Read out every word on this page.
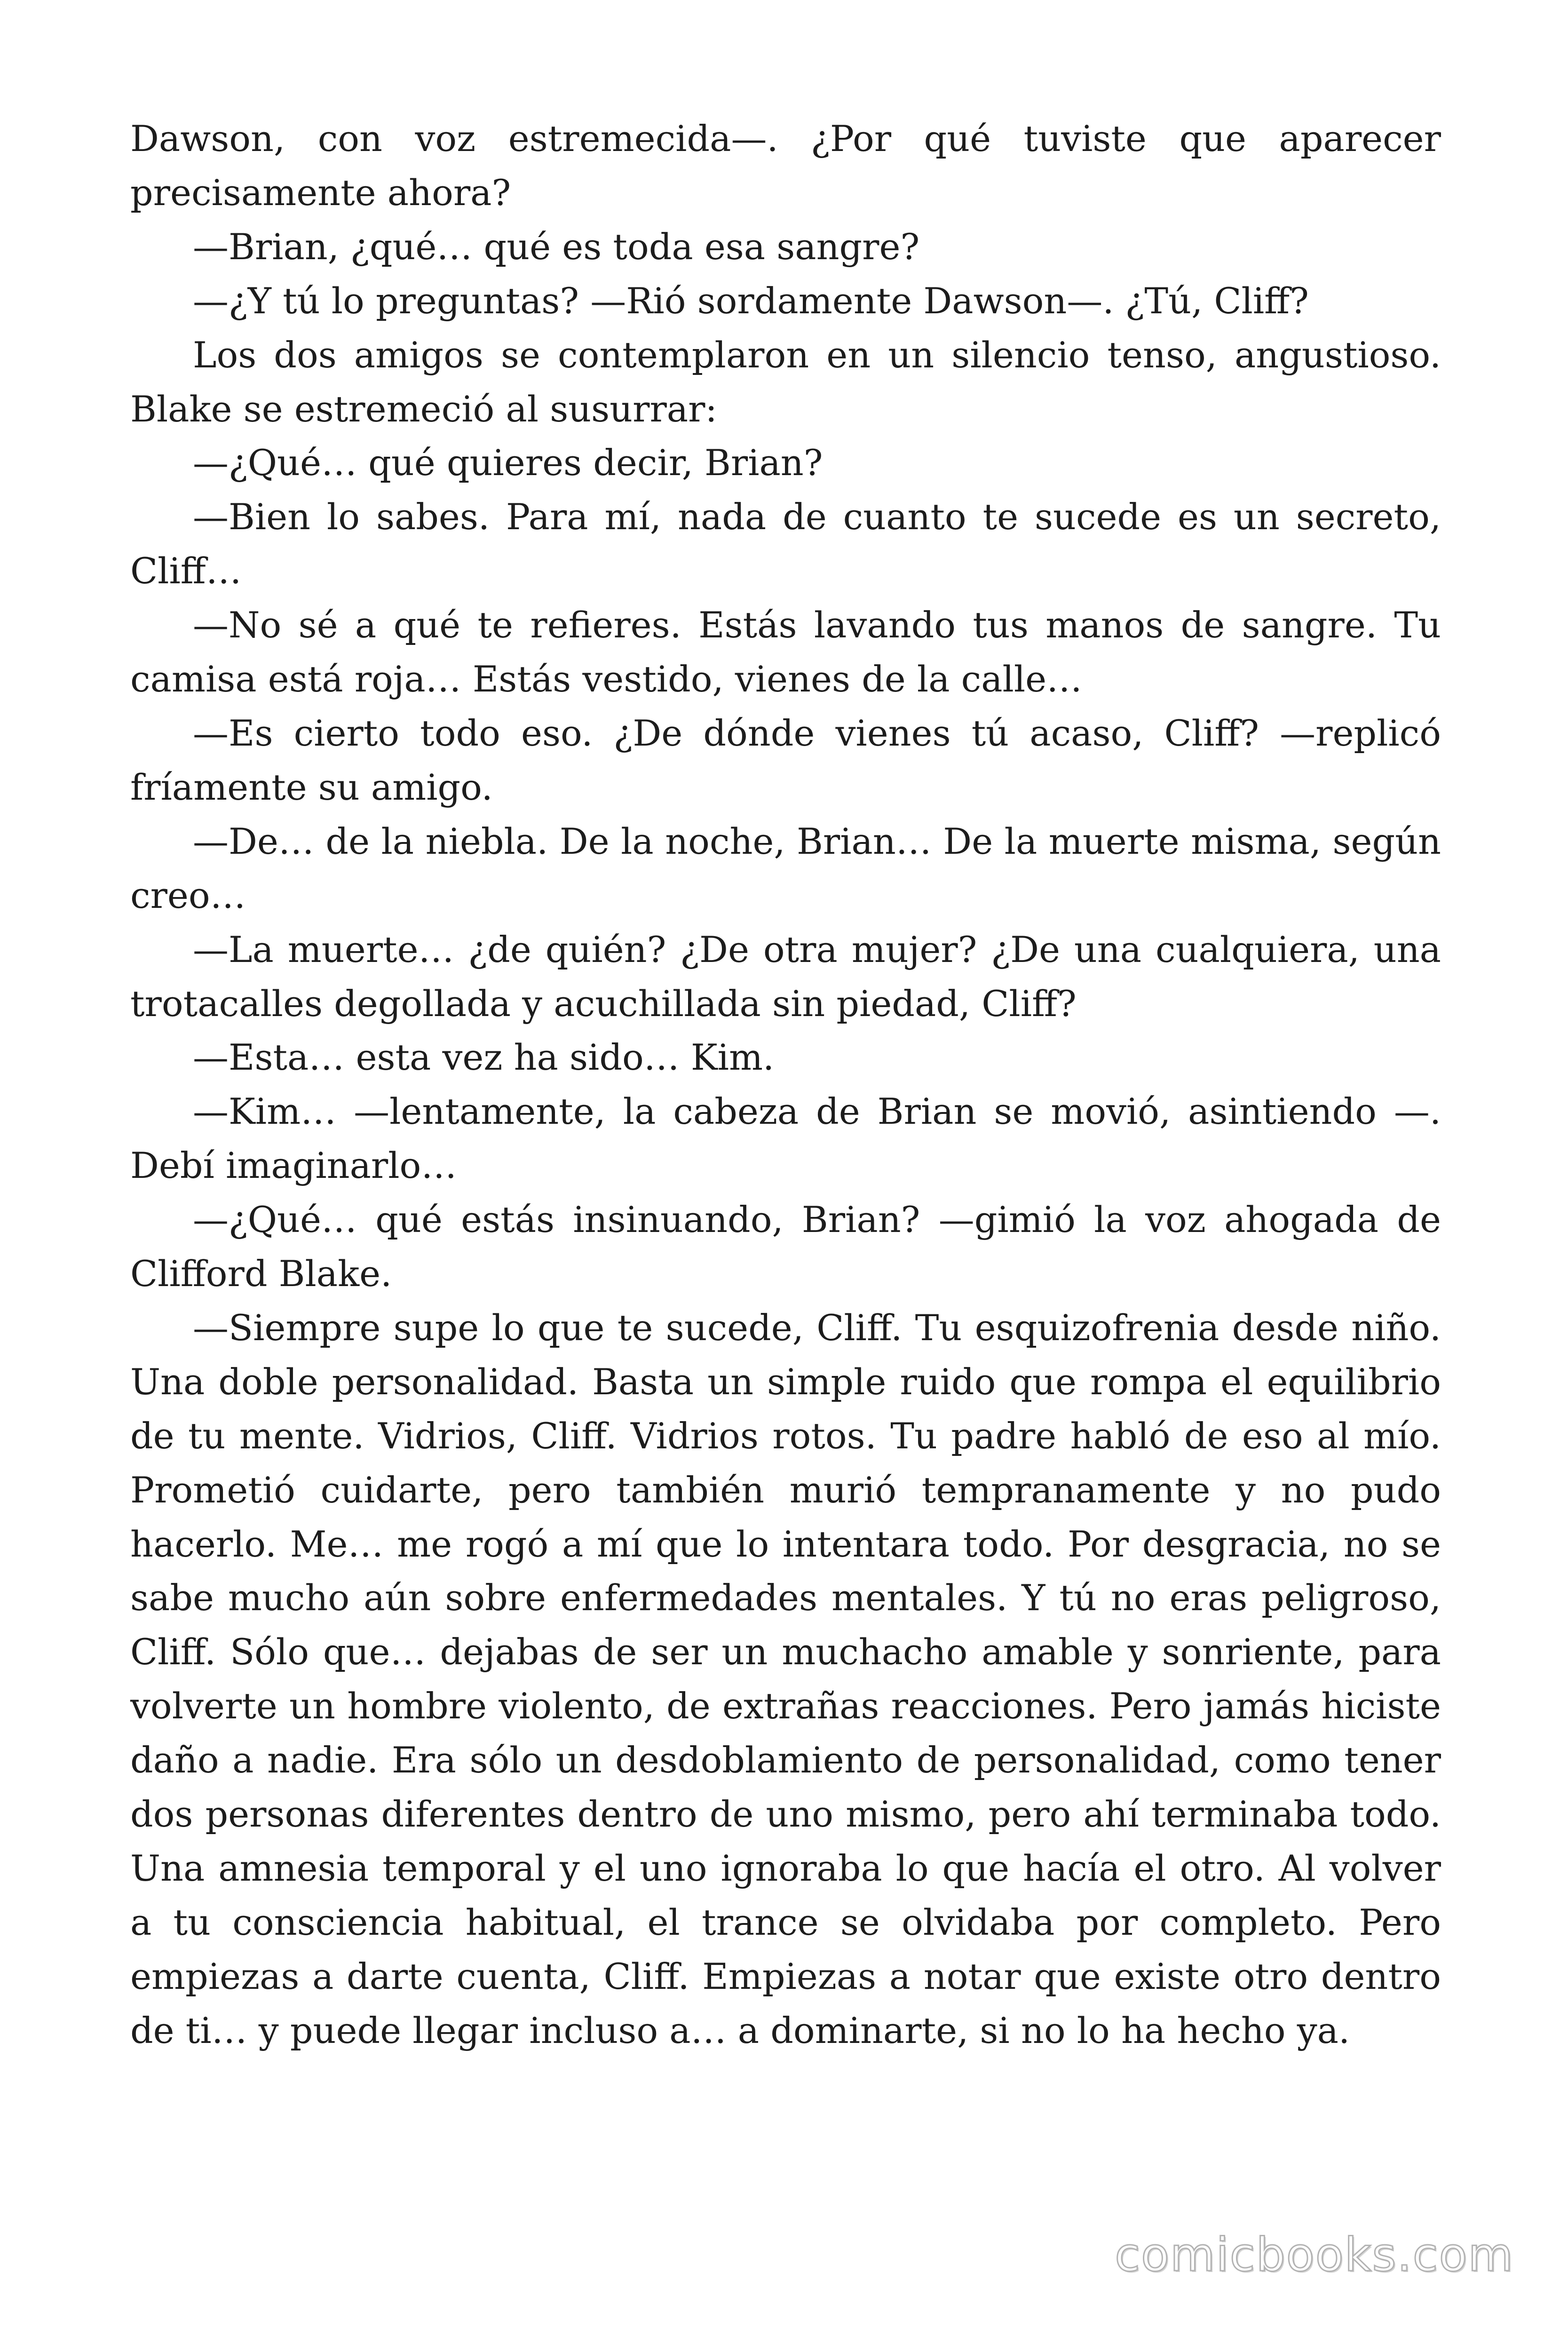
Dawson, con voz estremecida—. ¿Por qué tuviste que aparecer precisamente ahora?

—Brian, ¿qué… qué es toda esa sangre?

—¿Y tú lo preguntas? —Rió sordamente Dawson—. ¿Tú, Cliff?

Los dos amigos se contemplaron en un silencio tenso, angustioso. Blake se estremeció al susurrar:

—¿Qué… qué quieres decir, Brian?

—Bien lo sabes. Para mí, nada de cuanto te sucede es un secreto, Cliff…

—No sé a qué te refieres. Estás lavando tus manos de sangre. Tu camisa está roja… Estás vestido, vienes de la calle…

—Es cierto todo eso. ¿De dónde vienes tú acaso, Cliff? —replicó fríamente su amigo.

—De… de la niebla. De la noche, Brian… De la muerte misma, según creo…

—La muerte… ¿de quién? ¿De otra mujer? ¿De una cualquiera, una trotacalles degollada y acuchillada sin piedad, Cliff?

—Esta… esta vez ha sido… Kim.

—Kim… —lentamente, la cabeza de Brian se movió, asintiendo —. Debí imaginarlo…

—¿Qué… qué estás insinuando, Brian? —gimió la voz ahogada de Clifford Blake.

—Siempre supe lo que te sucede, Cliff. Tu esquizofrenia desde niño. Una doble personalidad. Basta un simple ruido que rompa el equilibrio de tu mente. Vidrios, Cliff. Vidrios rotos. Tu padre habló de eso al mío. Prometió cuidarte, pero también murió tempranamente y no pudo hacerlo. Me… me rogó a mí que lo intentara todo. Por desgracia, no se sabe mucho aún sobre enfermedades mentales. Y tú no eras peligroso, Cliff. Sólo que… dejabas de ser un muchacho amable y sonriente, para volverte un hombre violento, de extrañas reacciones. Pero jamás hiciste daño a nadie. Era sólo un desdoblamiento de personalidad, como tener dos personas diferentes dentro de uno mismo, pero ahí terminaba todo. Una amnesia temporal y el uno ignoraba lo que hacía el otro. Al volver a tu consciencia habitual, el trance se olvidaba por completo. Pero empiezas a darte cuenta, Cliff. Empiezas a notar que existe otro dentro de ti… y puede llegar incluso a… a dominarte, si no lo ha hecho ya.

comicbooks.com
